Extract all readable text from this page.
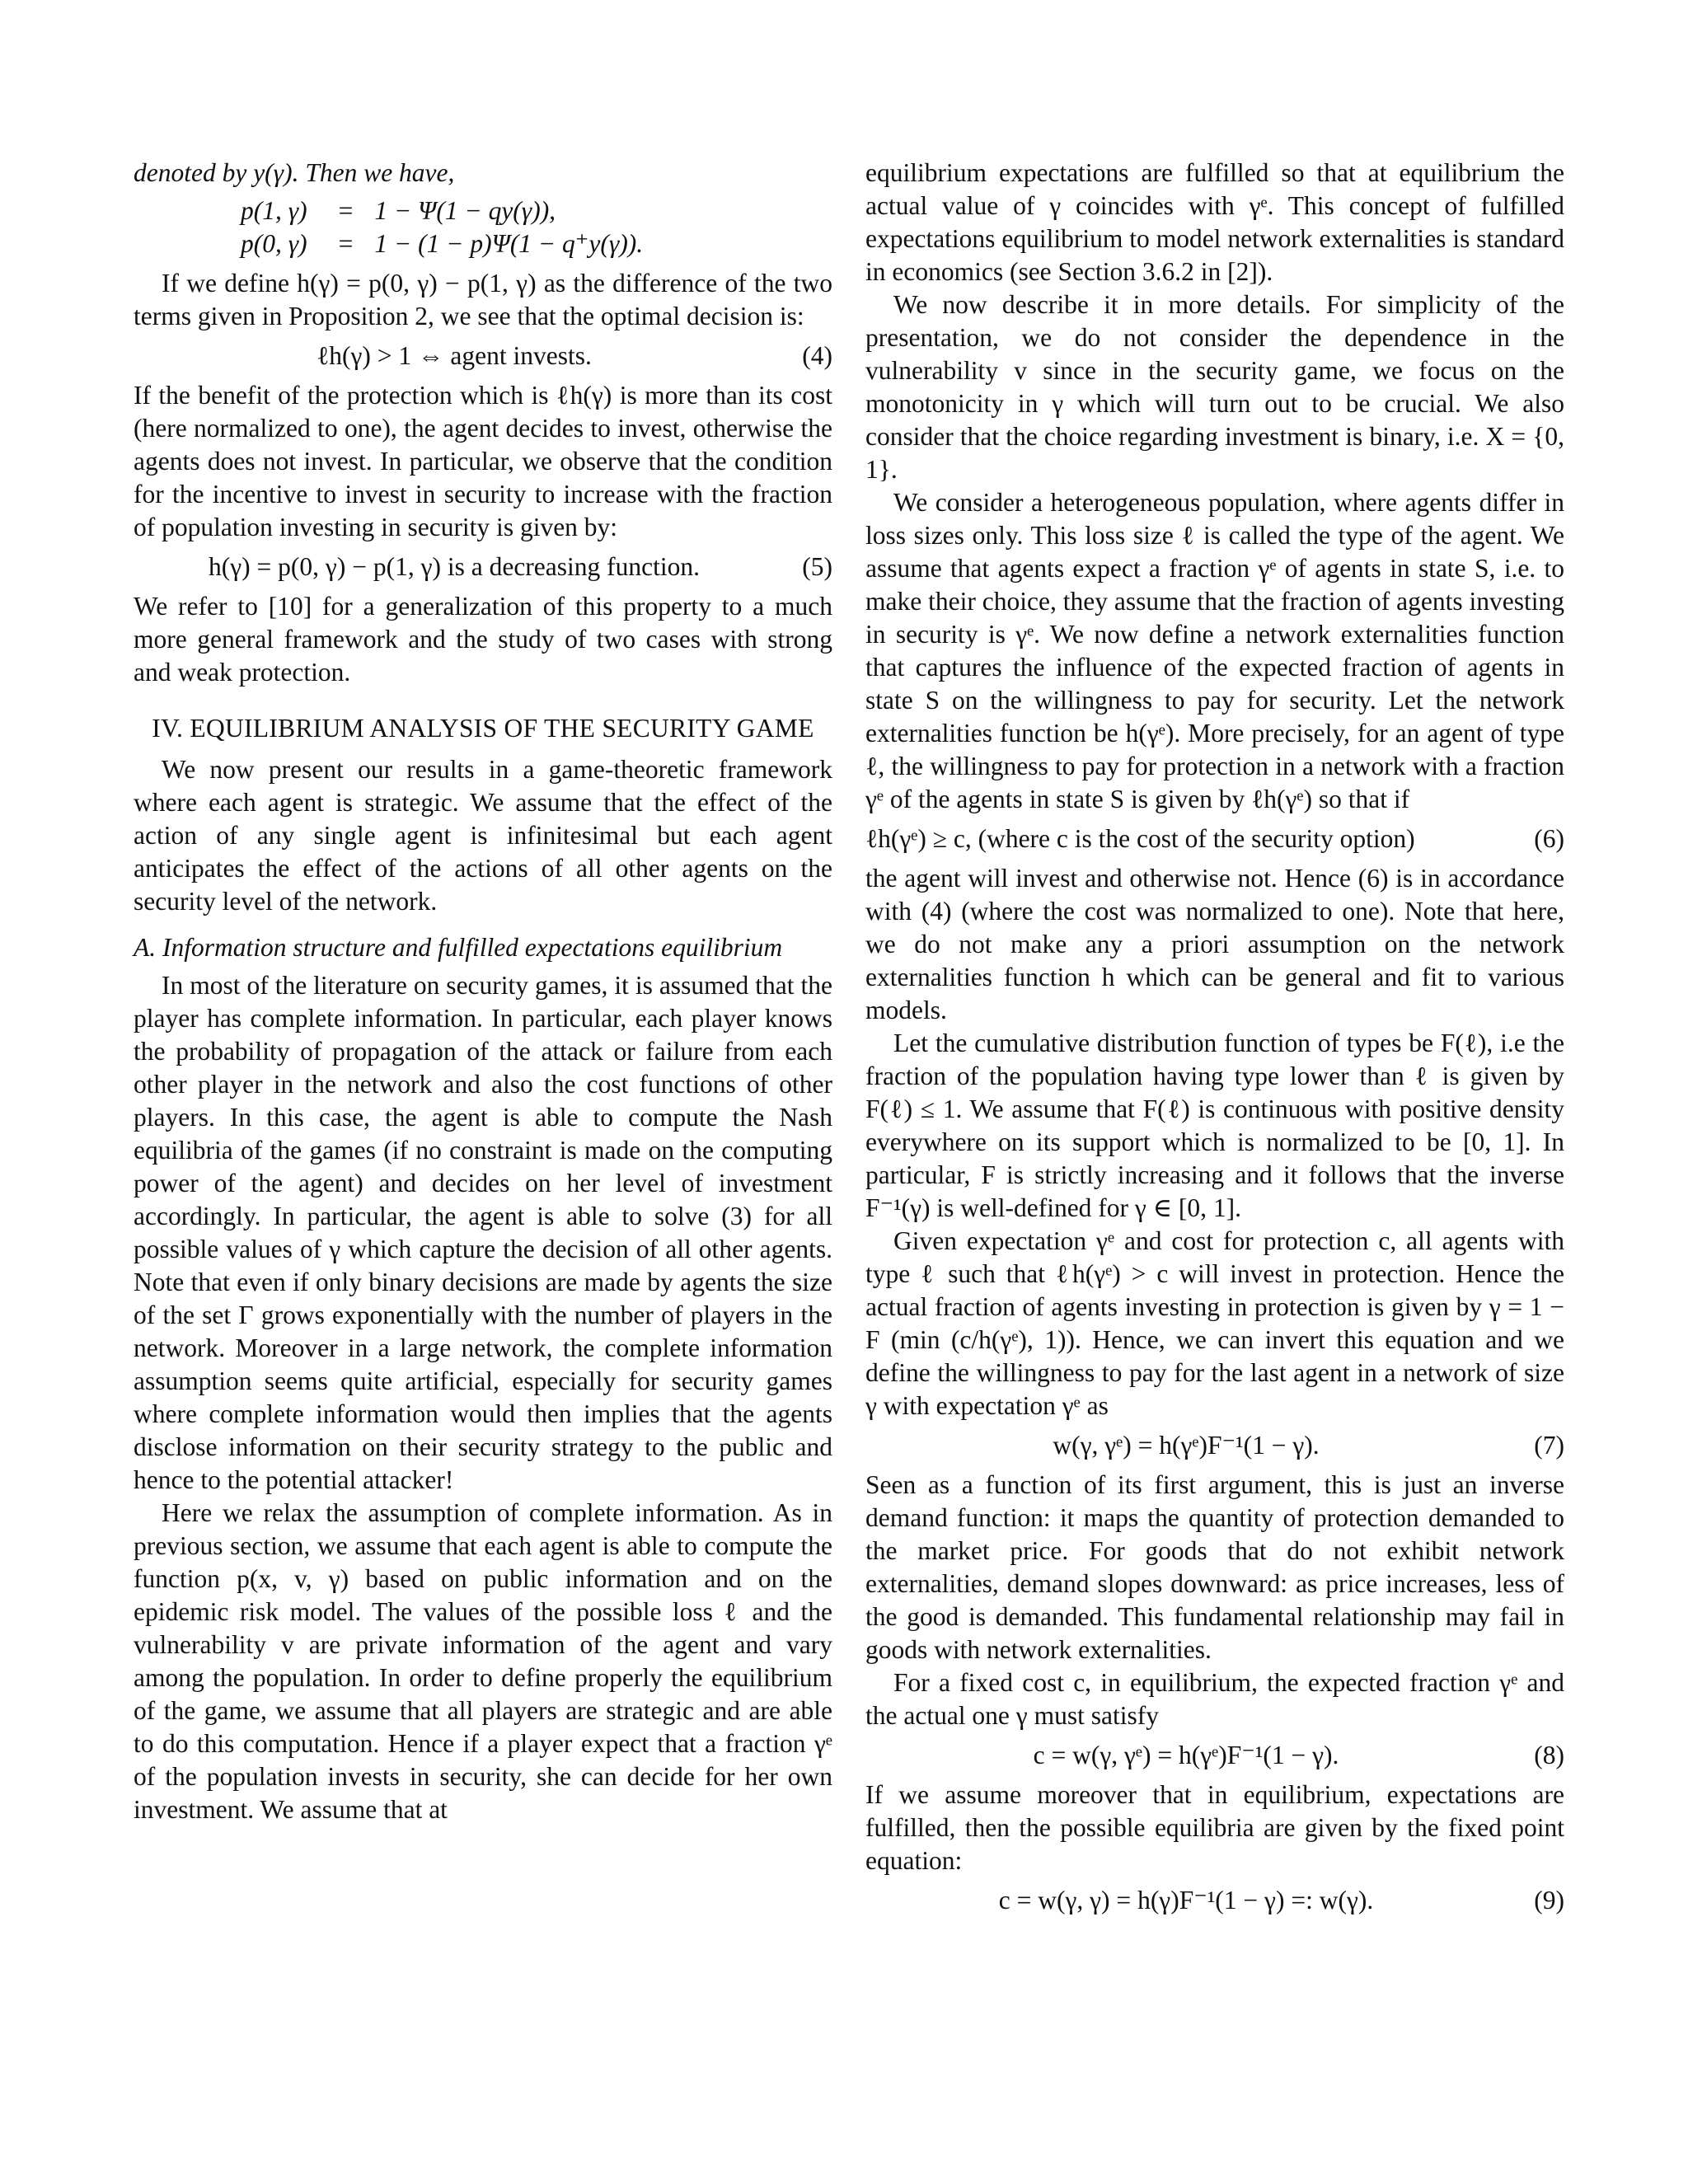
denoted by y(γ). Then we have,

p(1, γ)	=	1 − Ψ(1 − qy(γ)),
p(0, γ)	=	1 − (1 − p)Ψ(1 − q⁺y(γ)).

If we define h(γ) = p(0, γ) − p(1, γ) as the difference of the two terms given in Proposition 2, we see that the optimal decision is:

ℓh(γ) > 1 ⇔ agent invests.	(4)

If the benefit of the protection which is ℓh(γ) is more than its cost (here normalized to one), the agent decides to invest, otherwise the agents does not invest. In particular, we observe that the condition for the incentive to invest in security to increase with the fraction of population investing in security is given by:

h(γ) = p(0, γ) − p(1, γ) is a decreasing function.	(5)

We refer to [10] for a generalization of this property to a much more general framework and the study of two cases with strong and weak protection.

IV. EQUILIBRIUM ANALYSIS OF THE SECURITY GAME

We now present our results in a game-theoretic framework where each agent is strategic. We assume that the effect of the action of any single agent is infinitesimal but each agent anticipates the effect of the actions of all other agents on the security level of the network.

A. Information structure and fulfilled expectations equilibrium

In most of the literature on security games, it is assumed that the player has complete information. In particular, each player knows the probability of propagation of the attack or failure from each other player in the network and also the cost functions of other players. In this case, the agent is able to compute the Nash equilibria of the games (if no constraint is made on the computing power of the agent) and decides on her level of investment accordingly. In particular, the agent is able to solve (3) for all possible values of γ which capture the decision of all other agents. Note that even if only binary decisions are made by agents the size of the set Γ grows exponentially with the number of players in the network. Moreover in a large network, the complete information assumption seems quite artificial, especially for security games where complete information would then implies that the agents disclose information on their security strategy to the public and hence to the potential attacker!

Here we relax the assumption of complete information. As in previous section, we assume that each agent is able to compute the function p(x, v, γ) based on public information and on the epidemic risk model. The values of the possible loss ℓ and the vulnerability v are private information of the agent and vary among the population. In order to define properly the equilibrium of the game, we assume that all players are strategic and are able to do this computation. Hence if a player expect that a fraction γᵉ of the population invests in security, she can decide for her own investment. We assume that at

equilibrium expectations are fulfilled so that at equilibrium the actual value of γ coincides with γᵉ. This concept of fulfilled expectations equilibrium to model network externalities is standard in economics (see Section 3.6.2 in [2]).

We now describe it in more details. For simplicity of the presentation, we do not consider the dependence in the vulnerability v since in the security game, we focus on the monotonicity in γ which will turn out to be crucial. We also consider that the choice regarding investment is binary, i.e. X = {0, 1}.

We consider a heterogeneous population, where agents differ in loss sizes only. This loss size ℓ is called the type of the agent. We assume that agents expect a fraction γᵉ of agents in state S, i.e. to make their choice, they assume that the fraction of agents investing in security is γᵉ. We now define a network externalities function that captures the influence of the expected fraction of agents in state S on the willingness to pay for security. Let the network externalities function be h(γᵉ). More precisely, for an agent of type ℓ, the willingness to pay for protection in a network with a fraction γᵉ of the agents in state S is given by ℓh(γᵉ) so that if

ℓh(γᵉ) ≥ c, (where c is the cost of the security option)	(6)

the agent will invest and otherwise not. Hence (6) is in accordance with (4) (where the cost was normalized to one). Note that here, we do not make any a priori assumption on the network externalities function h which can be general and fit to various models.

Let the cumulative distribution function of types be F(ℓ), i.e the fraction of the population having type lower than ℓ is given by F(ℓ) ≤ 1. We assume that F(ℓ) is continuous with positive density everywhere on its support which is normalized to be [0, 1]. In particular, F is strictly increasing and it follows that the inverse F⁻¹(γ) is well-defined for γ ∈ [0, 1].

Given expectation γᵉ and cost for protection c, all agents with type ℓ such that ℓh(γᵉ) > c will invest in protection. Hence the actual fraction of agents investing in protection is given by γ = 1 − F (min (c/h(γᵉ), 1)). Hence, we can invert this equation and we define the willingness to pay for the last agent in a network of size γ with expectation γᵉ as

w(γ, γᵉ) = h(γᵉ)F⁻¹(1 − γ).	(7)

Seen as a function of its first argument, this is just an inverse demand function: it maps the quantity of protection demanded to the market price. For goods that do not exhibit network externalities, demand slopes downward: as price increases, less of the good is demanded. This fundamental relationship may fail in goods with network externalities.

For a fixed cost c, in equilibrium, the expected fraction γᵉ and the actual one γ must satisfy

c = w(γ, γᵉ) = h(γᵉ)F⁻¹(1 − γ).	(8)

If we assume moreover that in equilibrium, expectations are fulfilled, then the possible equilibria are given by the fixed point equation:

c = w(γ, γ) = h(γ)F⁻¹(1 − γ) =: w(γ).	(9)
